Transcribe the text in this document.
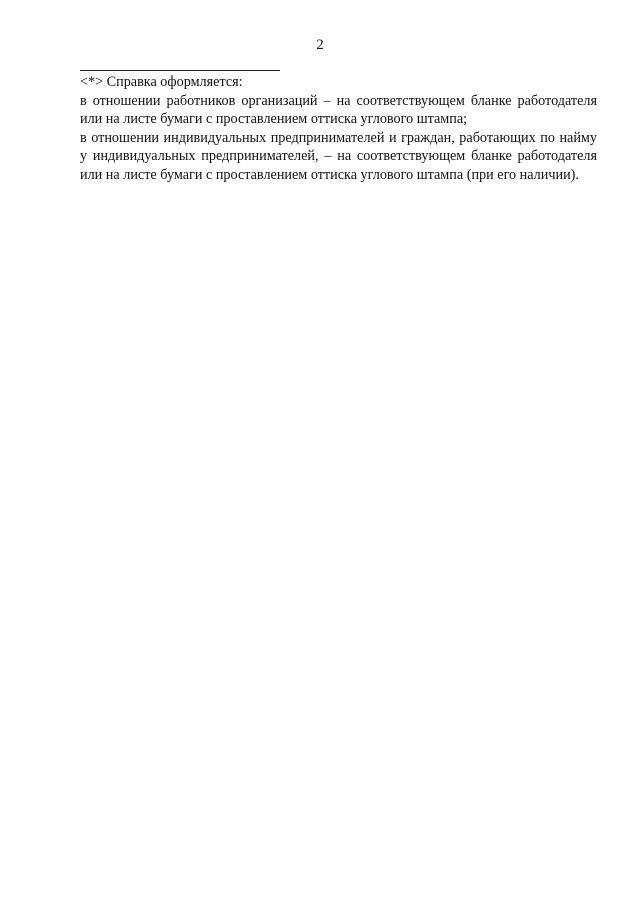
2

<*> Справка оформляется:

в отношении работников организаций – на соответствующем бланке работодателя или на листе бумаги с проставлением оттиска углового штампа;

в отношении индивидуальных предпринимателей и граждан, работающих по найму у индивидуальных предпринимателей, – на соответствующем бланке работодателя или на листе бумаги с проставлением оттиска углового штампа (при его наличии).
